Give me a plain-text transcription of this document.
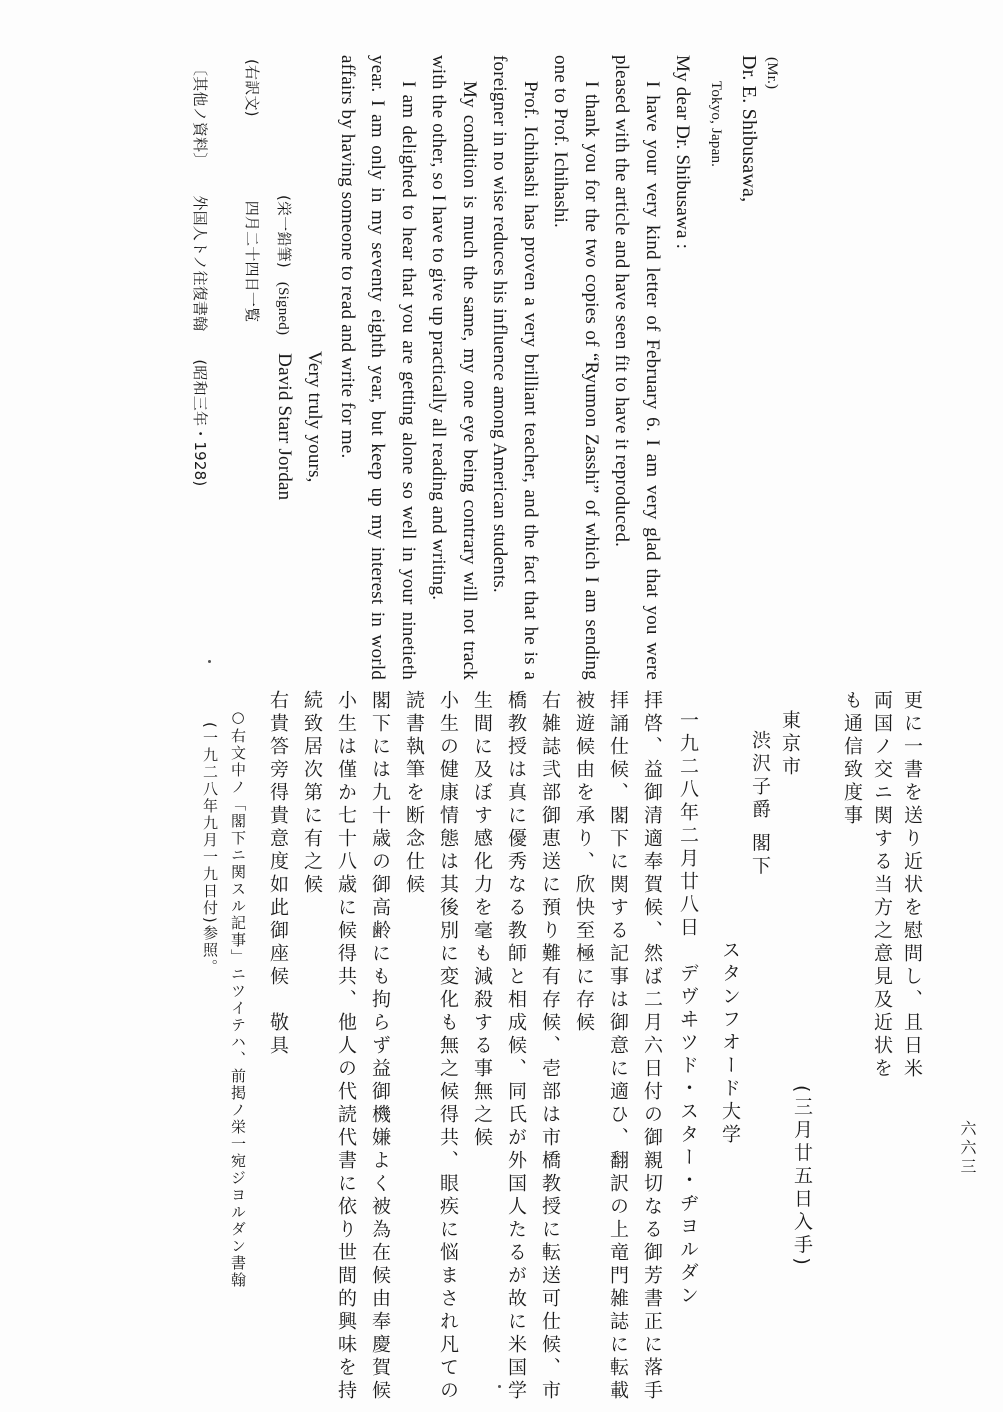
(Mr.)
Dr. E. Shibusawa,
Tokyo, Japan.

My dear Dr. Shibusawa :

I have your very kind letter of February 6. I am very glad that you were pleased with the article and have seen fit to have it reproduced.

I thank you for the two copies of “Ryumon Zasshi” of which I am sending one to Prof. Ichihashi.

Prof. Ichihashi has proven a very brilliant teacher, and the fact that he is a foreigner in no wise reduces his influence among American students.

My condition is much the same, my one eye being contrary will not track with the other, so I have to give up practically all reading and writing.

I am delighted to hear that you are getting alone so well in your ninetieth year. I am only in my seventy eighth year, but keep up my interest in world affairs by having someone to read and write for me.

Very truly yours,
(栄一鉛筆)
(Signed)
David Starr Jordan
(右訳文)
四月二十四日一覧
〔其他ノ資料〕
外国人トノ往復書翰
(昭和三年・1928)
更に一書を送り近状を慰問し、且日米
両国ノ交ニ関する当方之意見及近状を
も通信致度事
(三月廿五日入手)
スタンフオード大学
一九二八年二月廿八日　デヴヰツド・スター・ヂヨルダン	東京市
渋沢子爵 閣下
拝啓、益御清適奉賀候、然ば二月六日付の御親切なる御芳書正に落手
拝誦仕候、閣下に関する記事は御意に適ひ、翻訳の上竜門雑誌に転載
被遊候由を承り、欣快至極に存候
右雑誌弐部御恵送に預り難有存候、壱部は市橋教授に転送可仕候、市
橋教授は真に優秀なる教師と相成候、同氏が外国人たるが故に米国学
生間に及ぼす感化力を毫も減殺する事無之候
小生の健康情態は其後別に変化も無之候得共、眼疾に悩まされ凡ての
読書執筆を断念仕候
閣下には九十歳の御高齢にも拘らず益御機嫌よく被為在候由奉慶賀候
小生は僅か七十八歳に候得共、他人の代読代書に依り世間的興味を持
続致居次第に有之候
右貴答旁得貴意度如此御座候　敬具
○右文中ノ「閣下ニ関スル記事」ニツイテハ、前掲ノ栄一宛ジヨルダン書翰
(一九二八年九月一九日付)参照。
六六三
